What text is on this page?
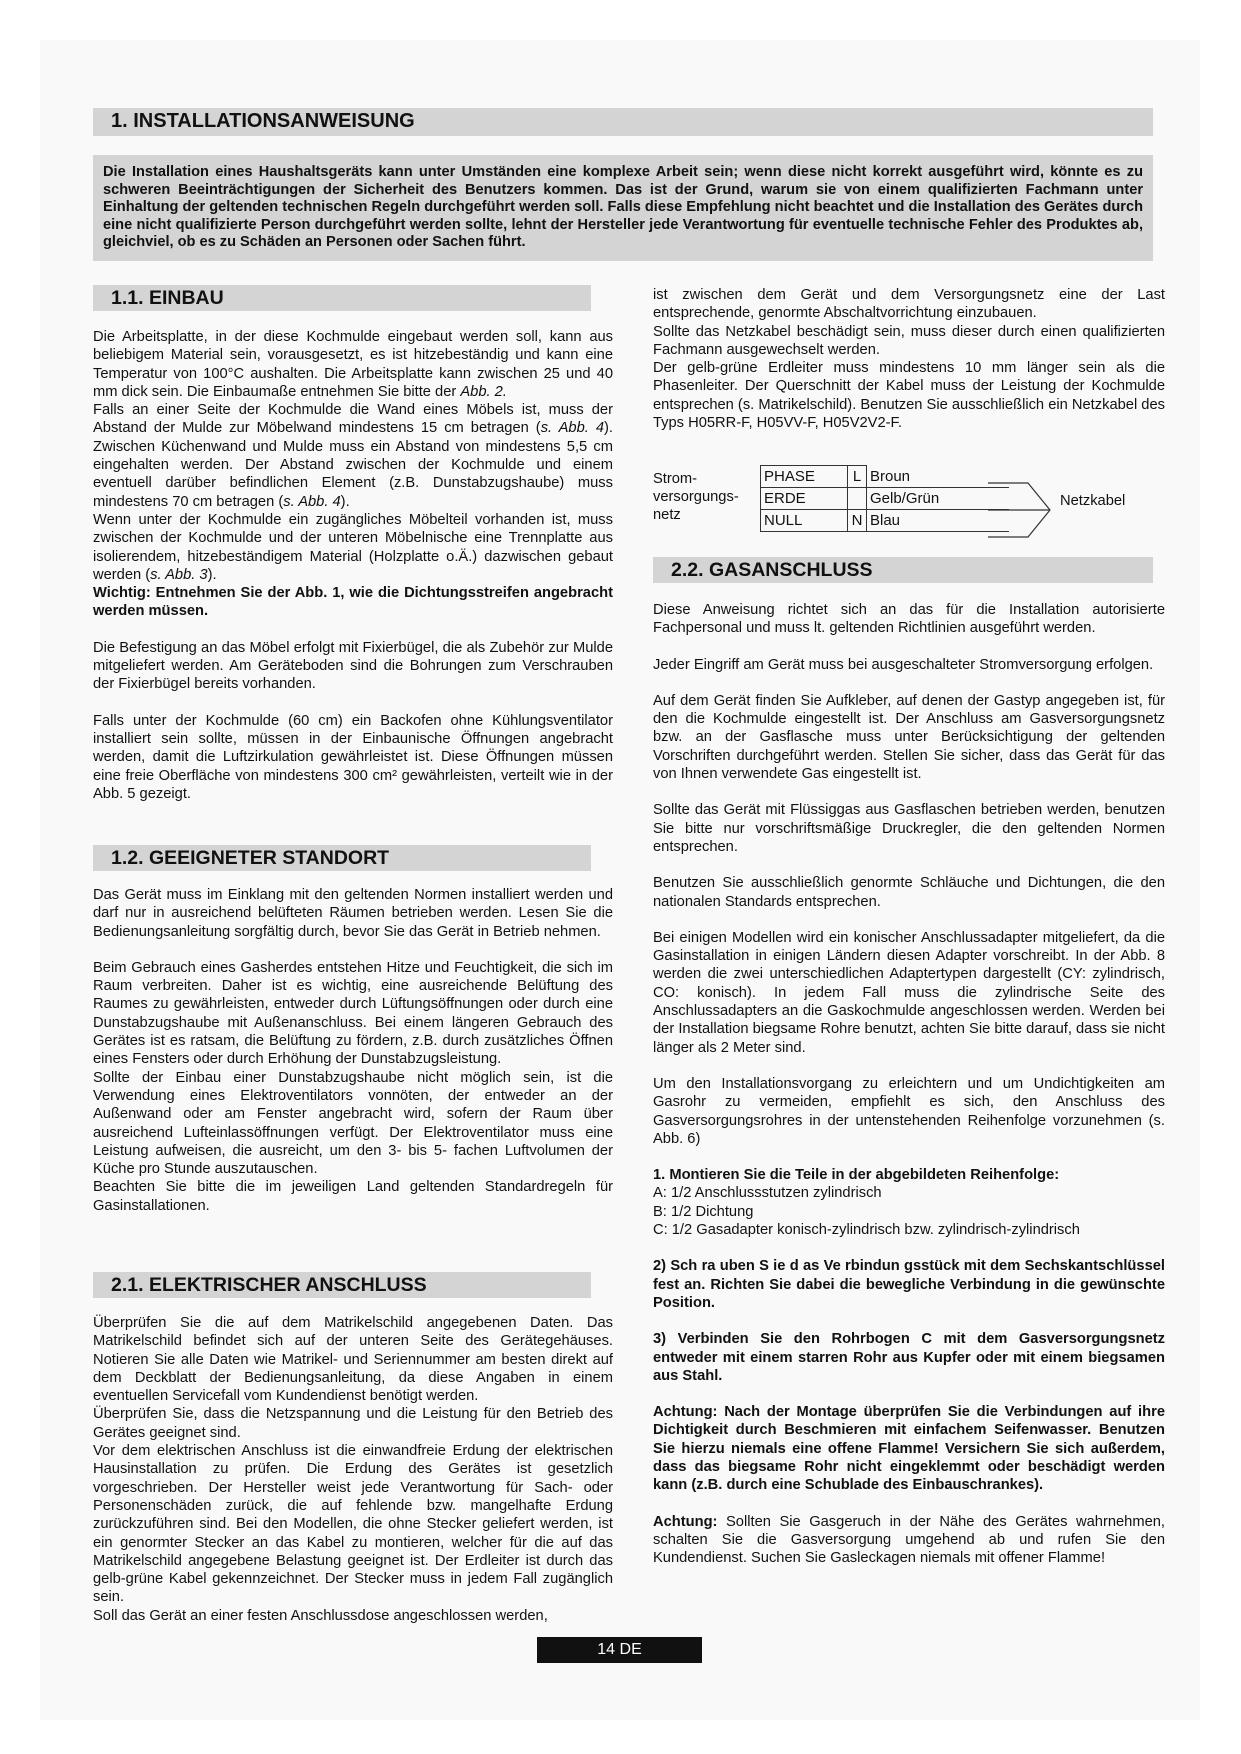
1. INSTALLATIONSANWEISUNG

Die Installation eines Haushaltsgeräts kann unter Umständen eine komplexe Arbeit sein; wenn diese nicht korrekt ausgeführt wird, könnte es zu schweren Beeinträchtigungen der Sicherheit des Benutzers kommen. Das ist der Grund, warum sie von einem qualifizierten Fachmann unter Einhaltung der geltenden technischen Regeln durchgeführt werden soll. Falls diese Empfehlung nicht beachtet und die Installation des Gerätes durch eine nicht qualifizierte Person durchgeführt werden sollte, lehnt der Hersteller jede Verantwortung für eventuelle technische Fehler des Produktes ab, gleichviel, ob es zu Schäden an Personen oder Sachen führt.

1.1. EINBAU

Die Arbeitsplatte, in der diese Kochmulde eingebaut werden soll, kann aus beliebigem Material sein, vorausgesetzt, es ist hitzebeständig und kann eine Temperatur von 100°C aushalten. Die Arbeitsplatte kann zwischen 25 und 40 mm dick sein. Die Einbaumaße entnehmen Sie bitte der Abb. 2.

Falls an einer Seite der Kochmulde die Wand eines Möbels ist, muss der Abstand der Mulde zur Möbelwand mindestens 15 cm betragen (s. Abb. 4). Zwischen Küchenwand und Mulde muss ein Abstand von mindestens 5,5 cm eingehalten werden. Der Abstand zwischen der Kochmulde und einem eventuell darüber befindlichen Element (z.B. Dunstabzugshaube) muss mindestens 70 cm betragen (s. Abb. 4).

Wenn unter der Kochmulde ein zugängliches Möbelteil vorhanden ist, muss zwischen der Kochmulde und der unteren Möbelnische eine Trennplatte aus isolierendem, hitzebeständigem Material (Holzplatte o.Ä.) dazwischen gebaut werden (s. Abb. 3).

Wichtig: Entnehmen Sie der Abb. 1, wie die Dichtungsstreifen angebracht werden müssen.

Die Befestigung an das Möbel erfolgt mit Fixierbügel, die als Zubehör zur Mulde mitgeliefert werden. Am Geräteboden sind die Bohrungen zum Verschrauben der Fixierbügel bereits vorhanden.

Falls unter der Kochmulde (60 cm) ein Backofen ohne Kühlungsventilator installiert sein sollte, müssen in der Einbaunische Öffnungen angebracht werden, damit die Luftzirkulation gewährleistet ist. Diese Öffnungen müssen eine freie Oberfläche von mindestens 300 cm² gewährleisten, verteilt wie in der Abb. 5 gezeigt.

1.2. GEEIGNETER STANDORT

Das Gerät muss im Einklang mit den geltenden Normen installiert werden und darf nur in ausreichend belüfteten Räumen betrieben werden. Lesen Sie die Bedienungsanleitung sorgfältig durch, bevor Sie das Gerät in Betrieb nehmen.

Beim Gebrauch eines Gasherdes entstehen Hitze und Feuchtigkeit, die sich im Raum verbreiten. Daher ist es wichtig, eine ausreichende Belüftung des Raumes zu gewährleisten, entweder durch Lüftungsöffnungen oder durch eine Dunstabzugshaube mit Außenanschluss. Bei einem längeren Gebrauch des Gerätes ist es ratsam, die Belüftung zu fördern, z.B. durch zusätzliches Öffnen eines Fensters oder durch Erhöhung der Dunstabzugsleistung.

Sollte der Einbau einer Dunstabzugshaube nicht möglich sein, ist die Verwendung eines Elektroventilators vonnöten, der entweder an der Außenwand oder am Fenster angebracht wird, sofern der Raum über ausreichend Lufteinlassöffnungen verfügt. Der Elektroventilator muss eine Leistung aufweisen, die ausreicht, um den 3- bis 5- fachen Luftvolumen der Küche pro Stunde auszutauschen.

Beachten Sie bitte die im jeweiligen Land geltenden Standardregeln für Gasinstallationen.

2.1. ELEKTRISCHER ANSCHLUSS

Überprüfen Sie die auf dem Matrikelschild angegebenen Daten. Das Matrikelschild befindet sich auf der unteren Seite des Gerätegehäuses. Notieren Sie alle Daten wie Matrikel- und Seriennummer am besten direkt auf dem Deckblatt der Bedienungsanleitung, da diese Angaben in einem eventuellen Servicefall vom Kundendienst benötigt werden.

Überprüfen Sie, dass die Netzspannung und die Leistung für den Betrieb des Gerätes geeignet sind.

Vor dem elektrischen Anschluss ist die einwandfreie Erdung der elektrischen Hausinstallation zu prüfen. Die Erdung des Gerätes ist gesetzlich vorgeschrieben. Der Hersteller weist jede Verantwortung für Sach- oder Personenschäden zurück, die auf fehlende bzw. mangelhafte Erdung zurückzuführen sind. Bei den Modellen, die ohne Stecker geliefert werden, ist ein genormter Stecker an das Kabel zu montieren, welcher für die auf das Matrikelschild angegebene Belastung geeignet ist. Der Erdleiter ist durch das gelb-grüne Kabel gekennzeichnet. Der Stecker muss in jedem Fall zugänglich sein.

Soll das Gerät an einer festen Anschlussdose angeschlossen werden,

ist zwischen dem Gerät und dem Versorgungsnetz eine der Last entsprechende, genormte Abschaltvorrichtung einzubauen.

Sollte das Netzkabel beschädigt sein, muss dieser durch einen qualifizierten Fachmann ausgewechselt werden.

Der gelb-grüne Erdleiter muss mindestens 10 mm länger sein als die Phasenleiter. Der Querschnitt der Kabel muss der Leistung der Kochmulde entsprechen (s. Matrikelschild). Benutzen Sie ausschließlich ein Netzkabel des Typs H05RR-F, H05VV-F, H05V2V2-F.

Strom-
versorgungs-
netz
PHASE	L	Broun
ERDE		Gelb/Grün
NULL	N	Blau
Netzkabel
2.2. GASANSCHLUSS

Diese Anweisung richtet sich an das für die Installation autorisierte Fachpersonal und muss lt. geltenden Richtlinien ausgeführt werden.

Jeder Eingriff am Gerät muss bei ausgeschalteter Stromversorgung erfolgen.

Auf dem Gerät finden Sie Aufkleber, auf denen der Gastyp angegeben ist, für den die Kochmulde eingestellt ist. Der Anschluss am Gasversorgungsnetz bzw. an der Gasflasche muss unter Berücksichtigung der geltenden Vorschriften durchgeführt werden. Stellen Sie sicher, dass das Gerät für das von Ihnen verwendete Gas eingestellt ist.

Sollte das Gerät mit Flüssiggas aus Gasflaschen betrieben werden, benutzen Sie bitte nur vorschriftsmäßige Druckregler, die den geltenden Normen entsprechen.

Benutzen Sie ausschließlich genormte Schläuche und Dichtungen, die den nationalen Standards entsprechen.

Bei einigen Modellen wird ein konischer Anschlussadapter mitgeliefert, da die Gasinstallation in einigen Ländern diesen Adapter vorschreibt. In der Abb. 8 werden die zwei unterschiedlichen Adaptertypen dargestellt (CY: zylindrisch, CO: konisch). In jedem Fall muss die zylindrische Seite des Anschlussadapters an die Gaskochmulde angeschlossen werden. Werden bei der Installation biegsame Rohre benutzt, achten Sie bitte darauf, dass sie nicht länger als 2 Meter sind.

Um den Installationsvorgang zu erleichtern und um Undichtigkeiten am Gasrohr zu vermeiden, empfiehlt es sich, den Anschluss des Gasversorgungsrohres in der untenstehenden Reihenfolge vorzunehmen (s. Abb. 6)

1. Montieren Sie die Teile in der abgebildeten Reihenfolge:

A: 1/2 Anschlussstutzen zylindrisch

B: 1/2 Dichtung

C: 1/2 Gasadapter konisch-zylindrisch bzw. zylindrisch-zylindrisch

2) Sch ra uben S ie d as Ve rbindun gsstück mit dem Sechskantschlüssel fest an. Richten Sie dabei die bewegliche Verbindung in die gewünschte Position.

3) Verbinden Sie den Rohrbogen C mit dem Gasversorgungsnetz entweder mit einem starren Rohr aus Kupfer oder mit einem biegsamen aus Stahl.

Achtung: Nach der Montage überprüfen Sie die Verbindungen auf ihre Dichtigkeit durch Beschmieren mit einfachem Seifenwasser. Benutzen Sie hierzu niemals eine offene Flamme! Versichern Sie sich außerdem, dass das biegsame Rohr nicht eingeklemmt oder beschädigt werden kann (z.B. durch eine Schublade des Einbauschrankes).

Achtung: Sollten Sie Gasgeruch in der Nähe des Gerätes wahrnehmen, schalten Sie die Gasversorgung umgehend ab und rufen Sie den Kundendienst. Suchen Sie Gasleckagen niemals mit offener Flamme!

14 DE
